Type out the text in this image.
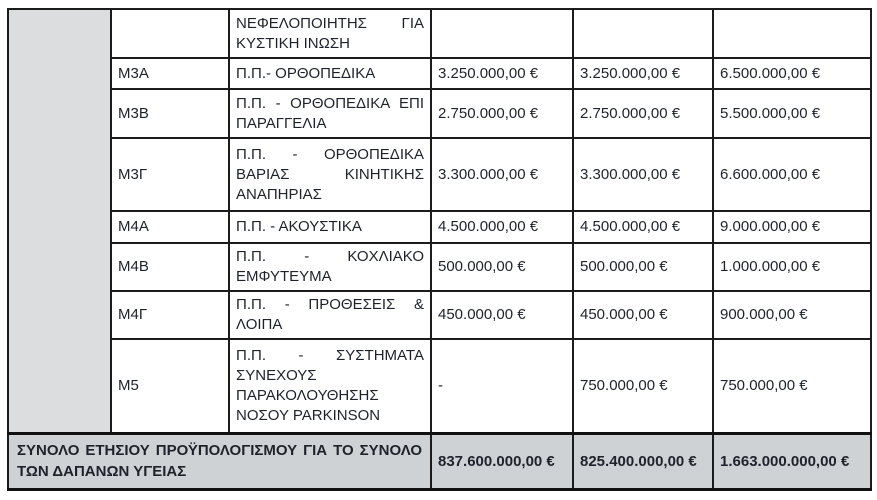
		ΝΕΦΕΛΟΠΟΙΗΤΗΣ ΓΙΑ ΚΥΣΤΙΚΗ ΙΝΩΣΗ			
	Μ3Α	Π.Π.- ΟΡΘΟΠΕΔΙΚΑ	3.250.000,00 €	3.250.000,00 €	6.500.000,00 €
	Μ3Β	Π.Π. - ΟΡΘΟΠΕΔΙΚΑ ΕΠΙ ΠΑΡΑΓΓΕΛΙΑ	2.750.000,00 €	2.750.000,00 €	5.500.000,00 €
	Μ3Γ	Π.Π. - ΟΡΘΟΠΕΔΙΚΑ ΒΑΡΙΑΣ ΚΙΝΗΤΙΚΗΣ ΑΝΑΠΗΡΙΑΣ	3.300.000,00 €	3.300.000,00 €	6.600.000,00 €
	Μ4Α	Π.Π. - ΑΚΟΥΣΤΙΚΑ	4.500.000,00 €	4.500.000,00 €	9.000.000,00 €
	Μ4Β	Π.Π. - ΚΟΧΛΙΑΚΟ ΕΜΦΥΤΕΥΜΑ	500.000,00 €	500.000,00 €	1.000.000,00 €
	Μ4Γ	Π.Π. - ΠΡΟΘΕΣΕΙΣ & ΛΟΙΠΑ	450.000,00 €	450.000,00 €	900.000,00 €
	Μ5	Π.Π. - ΣΥΣΤΗΜΑΤΑ ΣΥΝΕΧΟΥΣ ΠΑΡΑΚΟΛΟΥΘΗΣΗΣ ΝΟΣΟΥ PARKINSON	-	750.000,00 €	750.000,00 €
ΣΥΝΟΛΟ ΕΤΗΣΙΟΥ ΠΡΟΫΠΟΛΟΓΙΣΜΟΥ ΓΙΑ ΤΟ ΣΥΝΟΛΟ ΤΩΝ ΔΑΠΑΝΩΝ ΥΓΕΙΑΣ			837.600.000,00 €	825.400.000,00 €	1.663.000.000,00 €
